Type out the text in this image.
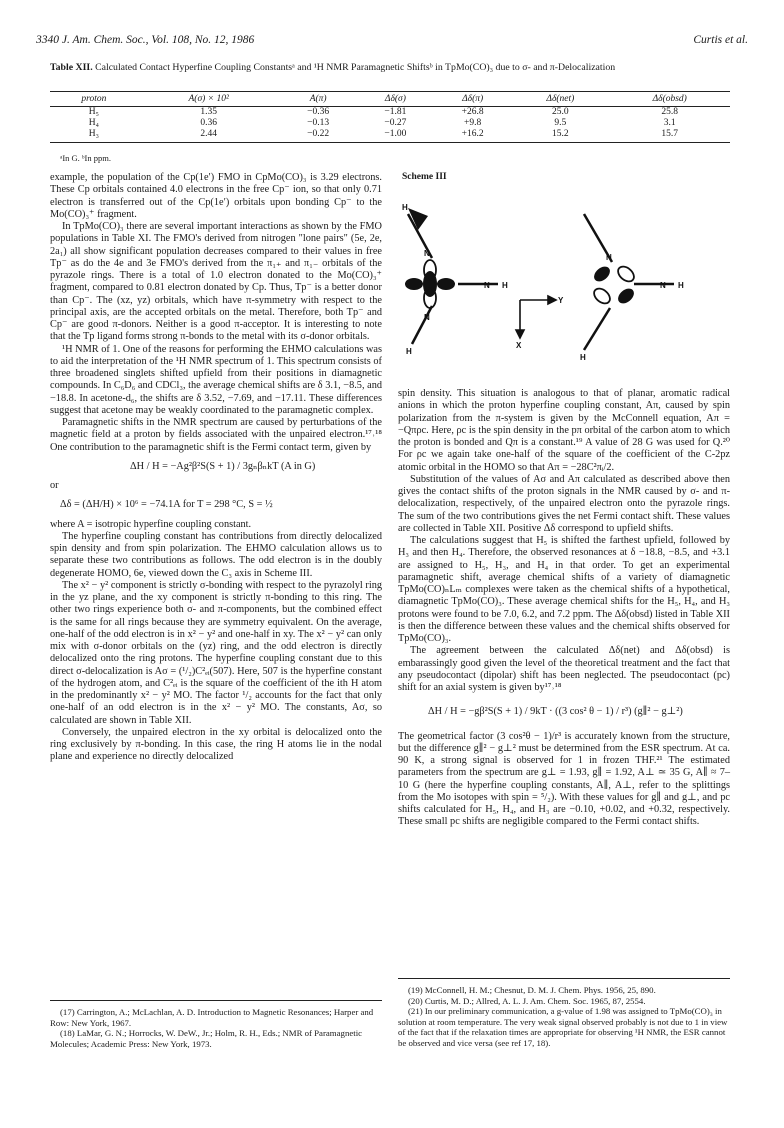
3340 J. Am. Chem. Soc., Vol. 108, No. 12, 1986	Curtis et al.
Table XII. Calculated Contact Hyperfine Coupling Constantsᵃ and ¹H NMR Paramagnetic Shiftsᵇ in TpMo(CO)₃ due to σ- and π-Delocalization
proton	A(σ) × 10²	A(π)	Δδ(σ)	Δδ(π)	Δδ(net)	Δδ(obsd)
H₅	1.35	−0.36	−1.81	+26.8	25.0	25.8
H₄	0.36	−0.13	−0.27	+9.8	9.5	3.1
H₃	2.44	−0.22	−1.00	+16.2	15.2	15.7
ᵃIn G. ᵇIn ppm.

example, the population of the Cp(1e′) FMO in CpMo(CO)₃ is 3.29 electrons. These Cp orbitals contained 4.0 electrons in the free Cp⁻ ion, so that only 0.71 electron is transferred out of the Cp(1e′) orbitals upon bonding Cp⁻ to the Mo(CO)₃⁺ fragment.

In TpMo(CO)₃ there are several important interactions as shown by the FMO populations in Table XI. The FMO's derived from nitrogen "lone pairs" (5e, 2e, 2a₁) all show significant population decreases compared to their values in free Tp⁻ as do the 4e and 3e FMO's derived from the π₁₊ and π₁₋ orbitals of the pyrazole rings. There is a total of 1.0 electron donated to the Mo(CO)₃⁺ fragment, compared to 0.81 electron donated by Cp. Thus, Tp⁻ is a better donor than Cp⁻. The (xz, yz) orbitals, which have π-symmetry with respect to the principal axis, are the accepted orbitals on the metal. Therefore, both Tp⁻ and Cp⁻ are good π-donors. Neither is a good π-acceptor. It is interesting to note that the Tp ligand forms strong π-bonds to the metal with its σ-donor orbitals.

¹H NMR of 1. One of the reasons for performing the EHMO calculations was to aid the interpretation of the ¹H NMR spectrum of 1. This spectrum consists of three broadened singlets shifted upfield from their positions in diamagnetic compounds. In C₆D₆ and CDCl₃, the average chemical shifts are δ 3.1, −8.5, and −18.8. In acetone-d₆, the shifts are δ 3.52, −7.69, and −17.11. These differences suggest that acetone may be weakly coordinated to the paramagnetic complex.

Paramagnetic shifts in the NMR spectrum are caused by perturbations of the magnetic field at a proton by fields associated with the unpaired electron.¹⁷˒¹⁸ One contribution to the paramagnetic shift is the Fermi contact term, given by

ΔH / H = −Ag²β²S(S + 1) / 3gₙβₙkT (A in G)
or
Δδ = (ΔH/H) × 10⁶ = −74.1A for T = 298 °C, S = ½

where A = isotropic hyperfine coupling constant.

The hyperfine coupling constant has contributions from directly delocalized spin density and from spin polarization. The EHMO calculation allows us to separate these two contributions as follows. The odd electron is in the doubly degenerate HOMO, 6e, viewed down the C₃ axis in Scheme III.

The x² − y² component is strictly σ-bonding with respect to the pyrazolyl ring in the yz plane, and the xy component is strictly π-bonding to this ring. The other two rings experience both σ- and π-components, but the combined effect is the same for all rings because they are symmetry equivalent. On the average, one-half of the odd electron is in x² − y² and one-half in xy. The x² − y² can only mix with σ-donor orbitals on the (yz) ring, and the odd electron is directly delocalized onto the ring protons. The hyperfine coupling constant due to this direct σ-delocalization is Aσ = (¹/₂)C²ₑᵢ(507). Here, 507 is the hyperfine constant of the hydrogen atom, and C²ₑᵢ is the square of the coefficient of the ith H atom in the predominantly x² − y² MO. The factor ¹/₂ accounts for the fact that only one-half of an odd electron is in the x² − y² MO. The constants, Aσ, so calculated are shown in Table XII.

Conversely, the unpaired electron in the xy orbital is delocalized onto the ring exclusively by π-bonding. In this case, the ring H atoms lie in the nodal plane and experience no directly delocalized

Scheme III
H
N
N H
N
H
N
N H
Y
X
H

spin density. This situation is analogous to that of planar, aromatic radical anions in which the proton hyperfine coupling constant, Aπ, caused by spin polarization from the π-system is given by the McConnell equation, Aπ = −Qπρc. Here, ρc is the spin density in the pπ orbital of the carbon atom to which the proton is bonded and Qπ is a constant.¹⁹ A value of 28 G was used for Q.²⁰ For ρc we again take one-half of the square of the coefficient of the C-2pz atomic orbital in the HOMO so that Aπ = −28C²πᵢ/2.

Substitution of the values of Aσ and Aπ calculated as described above then gives the contact shifts of the proton signals in the NMR caused by σ- and π-delocalization, respectively, of the unpaired electron onto the pyrazole rings. The sum of the two contributions gives the net Fermi contact shift. These values are collected in Table XII. Positive Δδ correspond to upfield shifts.

The calculations suggest that H₅ is shifted the farthest upfield, followed by H₃ and then H₄. Therefore, the observed resonances at δ −18.8, −8.5, and +3.1 are assigned to H₅, H₃, and H₄ in that order. To get an experimental paramagnetic shift, average chemical shifts of a variety of diamagnetic TpMo(CO)ₙLₘ complexes were taken as the chemical shifts of a hypothetical, diamagnetic TpMo(CO)₃. These average chemical shifts for the H₅, H₄, and H₃ protons were found to be 7.0, 6.2, and 7.2 ppm. The Δδ(obsd) listed in Table XII is then the difference between these values and the chemical shifts observed for TpMo(CO)₃.

The agreement between the calculated Δδ(net) and Δδ(obsd) is embarassingly good given the level of the theoretical treatment and the fact that any pseudocontact (dipolar) shift has been neglected. The pseudocontact (pc) shift for an axial system is given by¹⁷˒¹⁸

ΔH / H = −gβ²S(S + 1) / 9kT · ((3 cos² θ − 1) / r³) (g∥² − g⊥²)

The geometrical factor (3 cos²θ − 1)/r³ is accurately known from the structure, but the difference g∥² − g⊥² must be determined from the ESR spectrum. At ca. 90 K, a strong signal is observed for 1 in frozen THF.²¹ The estimated parameters from the spectrum are g⊥ = 1.93, g∥ = 1.92, A⊥ ≃ 35 G, A∥ ≈ 7–10 G (here the hyperfine coupling constants, A∥, A⊥, refer to the splittings from the Mo isotopes with spin = ⁵/₂). With these values for g∥ and g⊥, and pc shifts calculated for H₅, H₄, and H₃ are −0.10, +0.02, and +0.32, respectively. These small pc shifts are negligible compared to the Fermi contact shifts.

(17) Carrington, A.; McLachlan, A. D. Introduction to Magnetic Resonances; Harper and Row: New York, 1967.

(18) LaMar, G. N.; Horrocks, W. DeW., Jr.; Holm, R. H., Eds.; NMR of Paramagnetic Molecules; Academic Press: New York, 1973.

(19) McConnell, H. M.; Chesnut, D. M. J. Chem. Phys. 1956, 25, 890.

(20) Curtis, M. D.; Allred, A. L. J. Am. Chem. Soc. 1965, 87, 2554.

(21) In our preliminary communication, a g-value of 1.98 was assigned to TpMo(CO)₃ in solution at room temperature. The very weak signal observed probably is not due to 1 in view of the fact that if the relaxation times are appropriate for observing ¹H NMR, the ESR cannot be observed and vice versa (see ref 17, 18).
